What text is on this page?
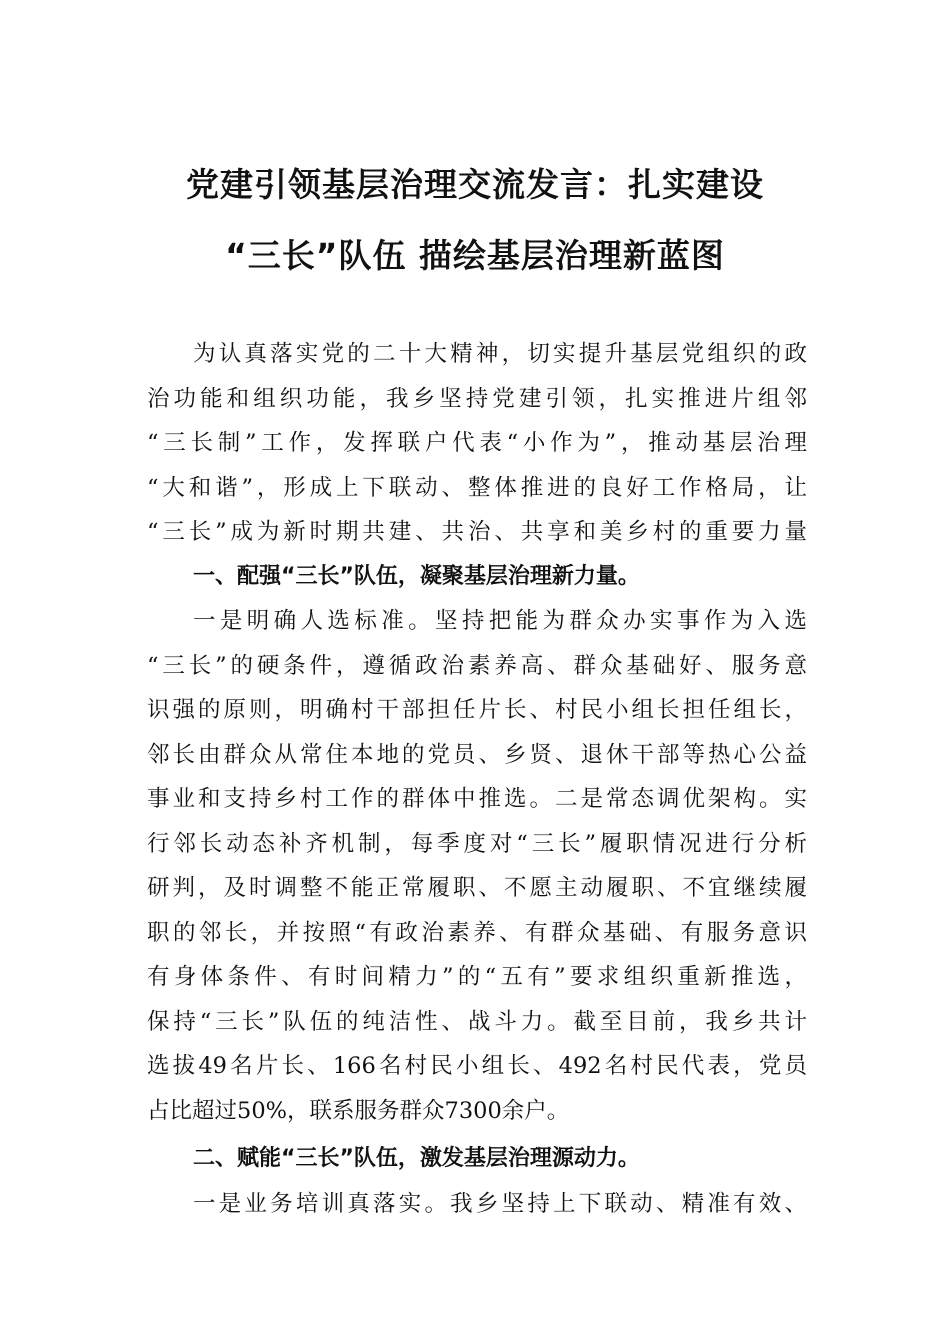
党建引领基层治理交流发言：扎实建设
“三长”队伍 描绘基层治理新蓝图
为认真落实党的二十大精神，切实提升基层党组织的政
治功能和组织功能，我乡坚持党建引领，扎实推进片组邻
“三长制”工作，发挥联户代表“小作为”，推动基层治理
“大和谐”，形成上下联动、整体推进的良好工作格局，让
“三长”成为新时期共建、共治、共享和美乡村的重要力量
一、配强“三长”队伍，凝聚基层治理新力量。
一是明确人选标准。坚持把能为群众办实事作为入选
“三长”的硬条件，遵循政治素养高、群众基础好、服务意
识强的原则，明确村干部担任片长、村民小组长担任组长，
邻长由群众从常住本地的党员、乡贤、退休干部等热心公益
事业和支持乡村工作的群体中推选。二是常态调优架构。实
行邻长动态补齐机制，每季度对“三长”履职情况进行分析
研判，及时调整不能正常履职、不愿主动履职、不宜继续履
职的邻长，并按照“有政治素养、有群众基础、有服务意识
有身体条件、有时间精力”的“五有”要求组织重新推选，
保持“三长”队伍的纯洁性、战斗力。截至目前，我乡共计
选拔49名片长、166名村民小组长、492名村民代表，党员
占比超过50%，联系服务群众7300余户。
二、赋能“三长”队伍，激发基层治理源动力。
一是业务培训真落实。我乡坚持上下联动、精准有效、
